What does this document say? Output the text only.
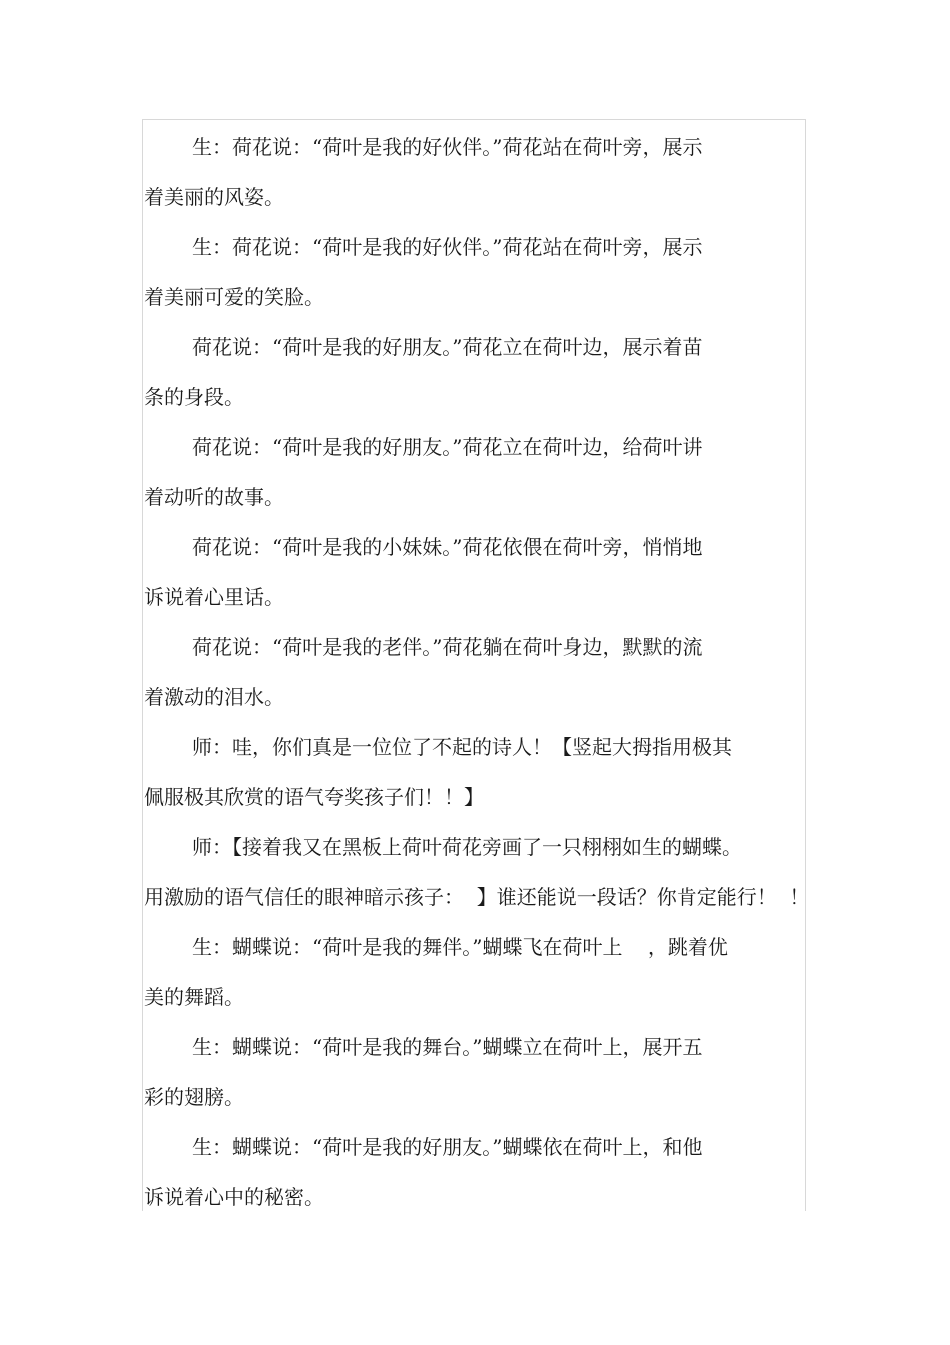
生：荷花说：“荷叶是我的好伙伴。”荷花站在荷叶旁，展示

着美丽的风姿。

生：荷花说：“荷叶是我的好伙伴。”荷花站在荷叶旁，展示

着美丽可爱的笑脸。

荷花说：“荷叶是我的好朋友。”荷花立在荷叶边，展示着苗

条的身段。

荷花说：“荷叶是我的好朋友。”荷花立在荷叶边，给荷叶讲

着动听的故事。

荷花说：“荷叶是我的小妹妹。”荷花依偎在荷叶旁，悄悄地

诉说着心里话。

荷花说：“荷叶是我的老伴。”荷花躺在荷叶身边，默默的流

着激动的泪水。

师：哇，你们真是一位位了不起的诗人！【竖起大拇指用极其

佩服极其欣赏的语气夸奖孩子们！！】

师：【接着我又在黑板上荷叶荷花旁画了一只栩栩如生的蝴蝶。

用激励的语气信任的眼神暗示孩子：  】谁还能说一段话？你肯定能行！  ！

生：蝴蝶说：“荷叶是我的舞伴。”蝴蝶飞在荷叶上    ，跳着优

美的舞蹈。

生：蝴蝶说：“荷叶是我的舞台。”蝴蝶立在荷叶上，展开五

彩的翅膀。

生：蝴蝶说：“荷叶是我的好朋友。”蝴蝶依在荷叶上，和他

诉说着心中的秘密。
